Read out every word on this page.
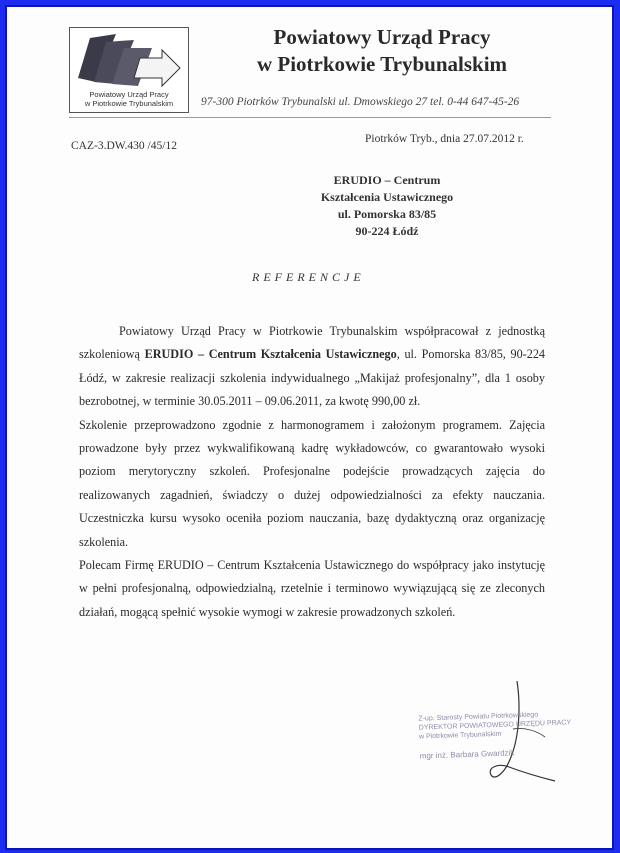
Powiatowy Urząd Pracy
w Piotrkowie Trybunalskim
Powiatowy Urząd Pracy
w Piotrkowie Trybunalskim
97-300 Piotrków Trybunalski ul. Dmowskiego 27 tel. 0-44 647-45-26
CAZ-3.DW.430 /45/12
Piotrków Tryb., dnia 27.07.2012 r.
ERUDIO – Centrum
Kształcenia Ustawicznego
ul. Pomorska 83/85
90-224 Łódź
REFERENCJE

Powiatowy Urząd Pracy w Piotrkowie Trybunalskim współpracował z jednostką szkoleniową ERUDIO – Centrum Kształcenia Ustawicznego, ul. Pomorska 83/85, 90-224 Łódź, w zakresie realizacji szkolenia indywidualnego „Makijaż profesjonalny”, dla 1 osoby bezrobotnej, w terminie 30.05.2011 – 09.06.2011, za kwotę 990,00 zł.

Szkolenie przeprowadzono zgodnie z harmonogramem i założonym programem. Zajęcia prowadzone były przez wykwalifikowaną kadrę wykładowców, co gwarantowało wysoki poziom merytoryczny szkoleń. Profesjonalne podejście prowadzących zajęcia do realizowanych zagadnień, świadczy o dużej odpowiedzialności za efekty nauczania. Uczestniczka kursu wysoko oceniła poziom nauczania, bazę dydaktyczną oraz organizację szkolenia.

Polecam Firmę ERUDIO – Centrum Kształcenia Ustawicznego do współpracy jako instytucję w pełni profesjonalną, odpowiedzialną, rzetelnie i terminowo wywiązującą się ze zleconych działań, mogącą spełnić wysokie wymogi w zakresie prowadzonych szkoleń.

Z-up. Starosty Powiatu Piotrkowskiego
DYREKTOR POWIATOWEGO URZĘDU PRACY
w Piotrkowie Trybunalskim
mgr inż. Barbara Gwardzik
